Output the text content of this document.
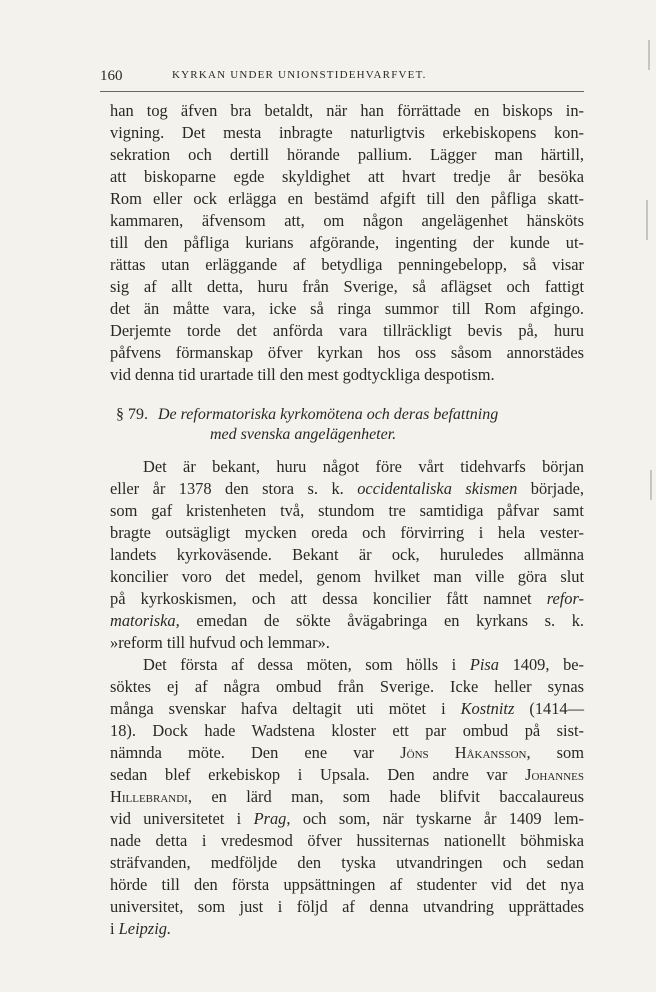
160	KYRKAN UNDER UNIONSTIDEHVARFVET.
han tog äfven bra betaldt, när han förrättade en biskops in-
vigning. Det mesta inbragte naturligtvis erkebiskopens kon-
sekration och dertill hörande pallium. Lägger man härtill,
att biskoparne egde skyldighet att hvart tredje år besöka
Rom eller ock erlägga en bestämd afgift till den påfliga skatt-
kammaren, äfvensom att, om någon angelägenhet hänsköts
till den påfliga kurians afgörande, ingenting der kunde ut-
rättas utan erläggande af betydliga penningebelopp, så visar
sig af allt detta, huru från Sverige, så aflägset och fattigt
det än måtte vara, icke så ringa summor till Rom afgingo.
Derjemte torde det anförda vara tillräckligt bevis på, huru
påfvens förmanskap öfver kyrkan hos oss såsom annorstädes
vid denna tid urartade till den mest godtyckliga despotism.
§ 79. De reformatoriska kyrkomötena och deras befattning
med svenska angelägenheter.
Det är bekant, huru något före vårt tidehvarfs början
eller år 1378 den stora s. k. occidentaliska skismen började,
som gaf kristenheten två, stundom tre samtidiga påfvar samt
bragte outsägligt mycken oreda och förvirring i hela vester-
landets kyrkoväsende. Bekant är ock, huruledes allmänna
koncilier voro det medel, genom hvilket man ville göra slut
på kyrkoskismen, och att dessa koncilier fått namnet refor-
matoriska, emedan de sökte åvägabringa en kyrkans s. k.
»reform till hufvud och lemmar».
Det första af dessa möten, som hölls i Pisa 1409, be-
söktes ej af några ombud från Sverige. Icke heller synas
många svenskar hafva deltagit uti mötet i Kostnitz (1414—
18). Dock hade Wadstena kloster ett par ombud på sist-
nämnda möte. Den ene var Jöns Håkansson, som
sedan blef erkebiskop i Upsala. Den andre var Johannes
Hillebrandi, en lärd man, som hade blifvit baccalaureus
vid universitetet i Prag, och som, när tyskarne år 1409 lem-
nade detta i vredesmod öfver hussiternas nationellt böhmiska
sträfvanden, medföljde den tyska utvandringen och sedan
hörde till den första uppsättningen af studenter vid det nya
universitet, som just i följd af denna utvandring upprättades
i Leipzig.
